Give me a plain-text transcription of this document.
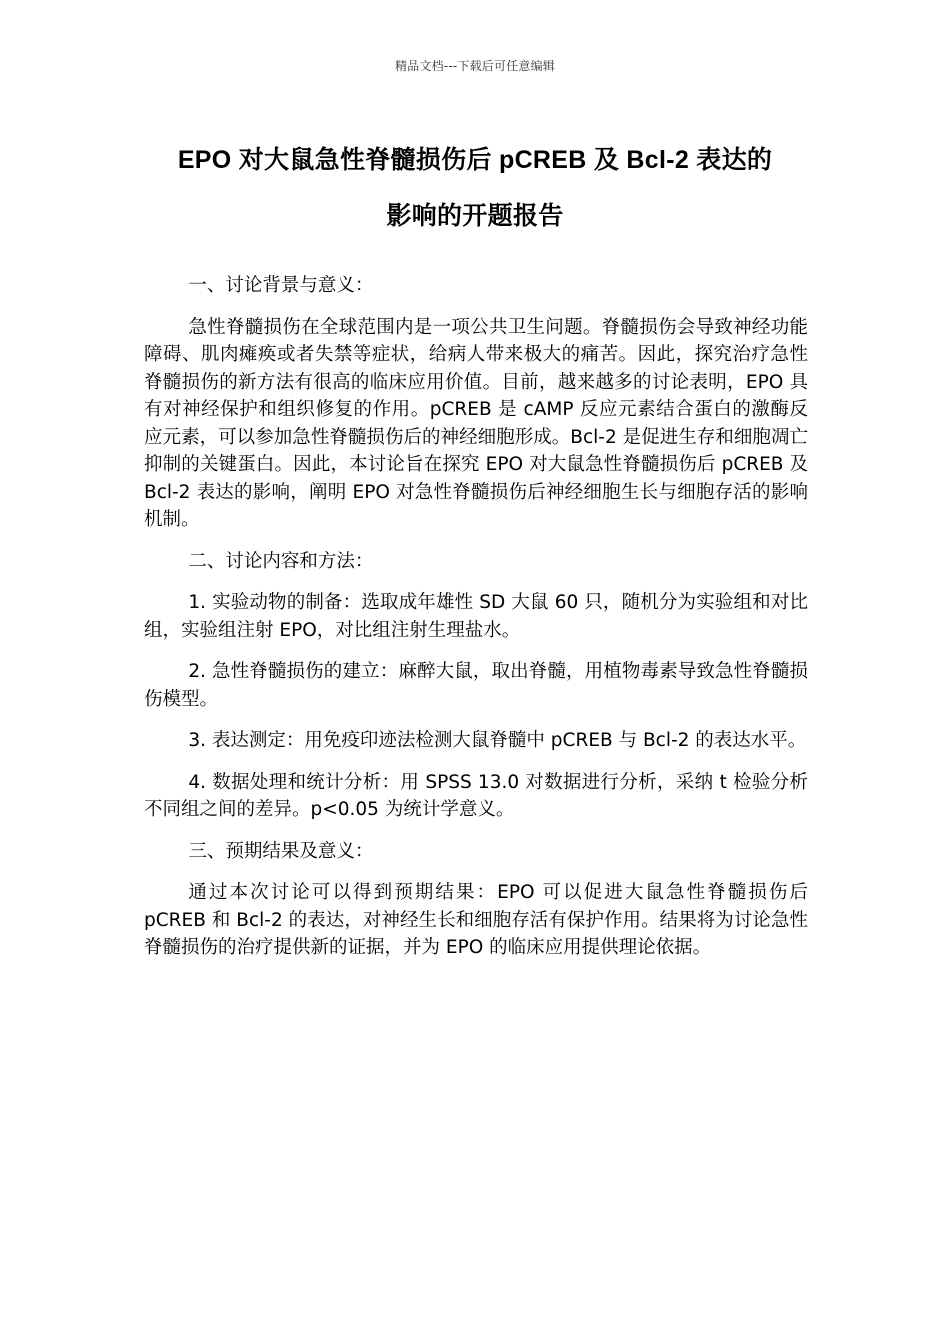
精品文档---下载后可任意编辑
EPO 对大鼠急性脊髓损伤后 pCREB 及 Bcl-2 表达的
影响的开题报告

一、讨论背景与意义：

急性脊髓损伤在全球范围内是一项公共卫生问题。脊髓损伤会导致神经功能障碍、肌肉瘫痪或者失禁等症状，给病人带来极大的痛苦。因此，探究治疗急性脊髓损伤的新方法有很高的临床应用价值。目前，越来越多的讨论表明，EPO 具有对神经保护和组织修复的作用。pCREB 是 cAMP 反应元素结合蛋白的激酶反应元素，可以参加急性脊髓损伤后的神经细胞形成。Bcl-2 是促进生存和细胞凋亡抑制的关键蛋白。因此，本讨论旨在探究 EPO 对大鼠急性脊髓损伤后 pCREB 及 Bcl-2 表达的影响，阐明 EPO 对急性脊髓损伤后神经细胞生长与细胞存活的影响机制。

二、讨论内容和方法：

1. 实验动物的制备：选取成年雄性 SD 大鼠 60 只，随机分为实验组和对比组，实验组注射 EPO，对比组注射生理盐水。

2. 急性脊髓损伤的建立：麻醉大鼠，取出脊髓，用植物毒素导致急性脊髓损伤模型。

3. 表达测定：用免疫印迹法检测大鼠脊髓中 pCREB 与 Bcl-2 的表达水平。

4. 数据处理和统计分析：用 SPSS 13.0 对数据进行分析，采纳 t 检验分析不同组之间的差异。p<0.05 为统计学意义。

三、预期结果及意义：

通过本次讨论可以得到预期结果：EPO 可以促进大鼠急性脊髓损伤后 pCREB 和 Bcl-2 的表达，对神经生长和细胞存活有保护作用。结果将为讨论急性脊髓损伤的治疗提供新的证据，并为 EPO 的临床应用提供理论依据。
